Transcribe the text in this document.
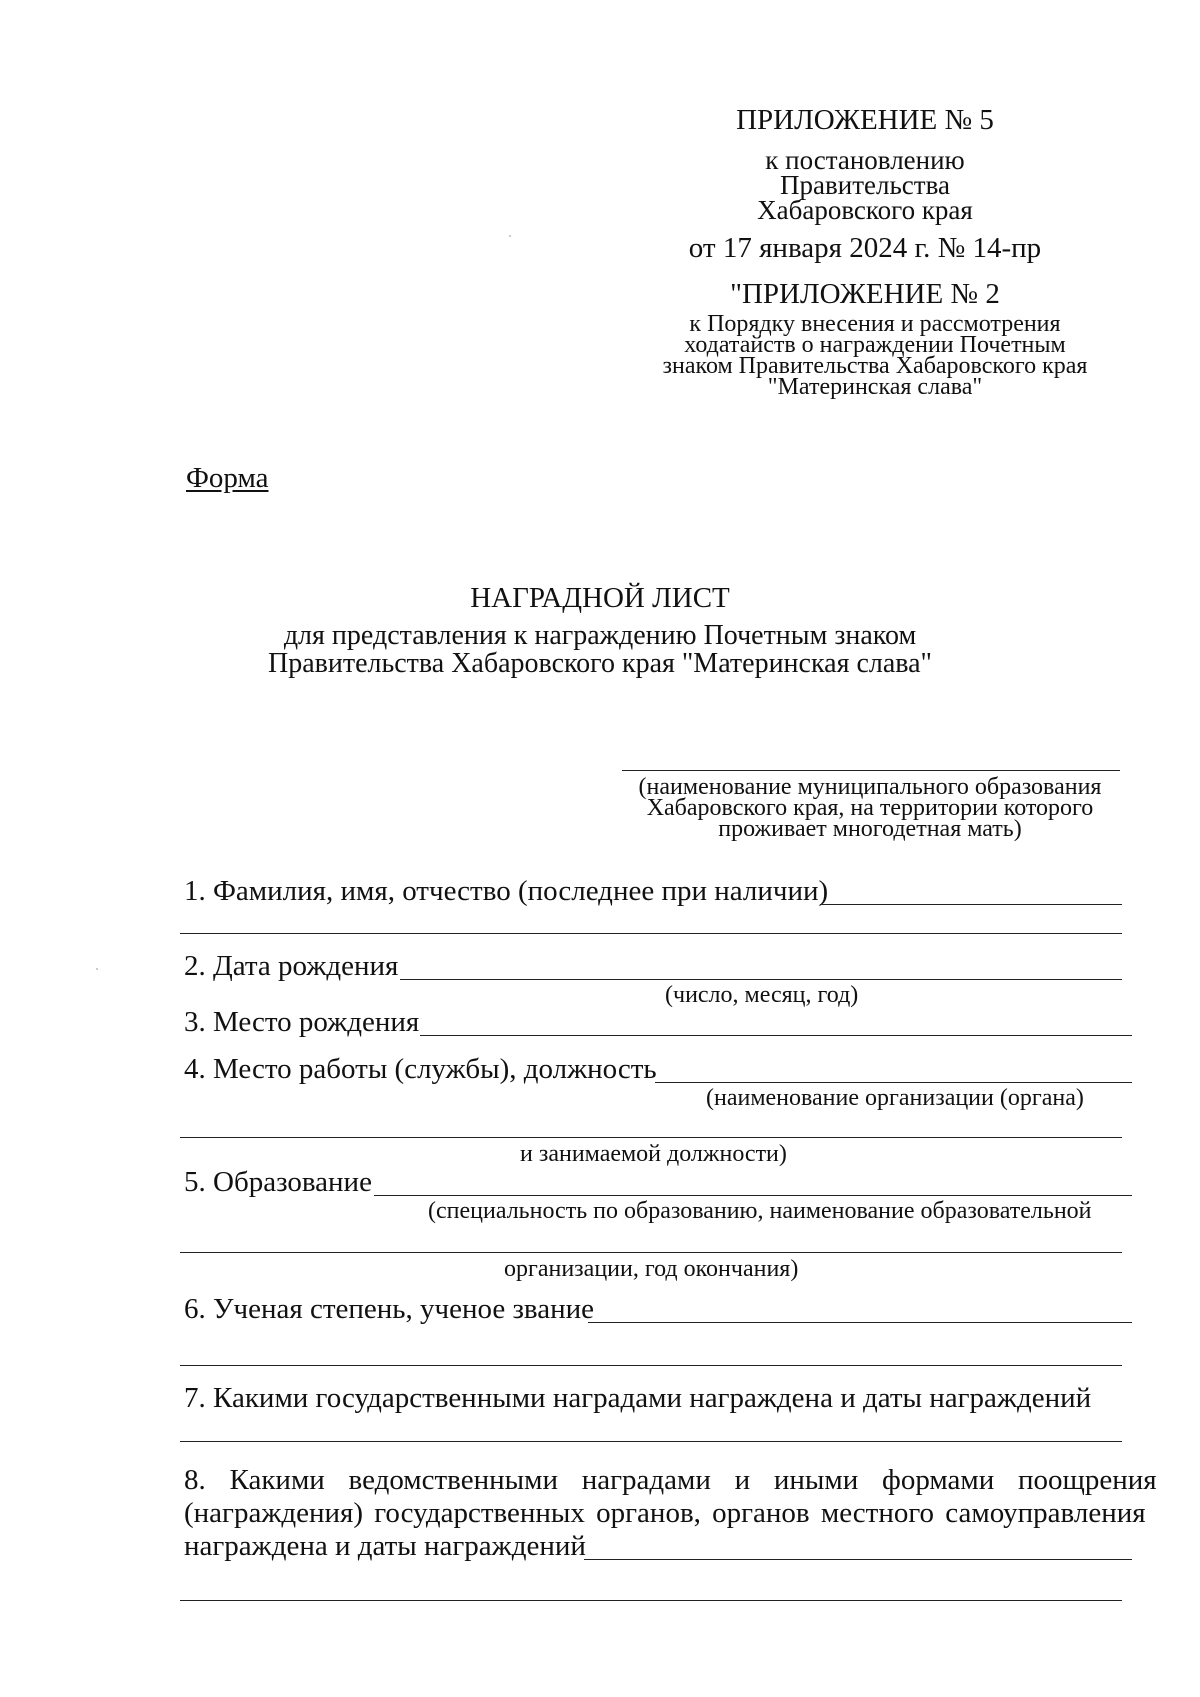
ПРИЛОЖЕНИЕ № 5
к постановлению
Правительства
Хабаровского края
от 17 января 2024 г. № 14-пр
"ПРИЛОЖЕНИЕ № 2
к Порядку внесения и рассмотрения
ходатайств о награждении Почетным
знаком Правительства Хабаровского края
"Материнская слава"
Форма
НАГРАДНОЙ ЛИСТ
для представления к награждению Почетным знаком
Правительства Хабаровского края "Материнская слава"
(наименование муниципального образования
Хабаровского края, на территории которого
проживает многодетная мать)
1. Фамилия, имя, отчество (последнее при наличии)
2. Дата рождения
(число, месяц, год)
3. Место рождения
4. Место работы (службы), должность
(наименование организации (органа)
и занимаемой должности)
5. Образование
(специальность по образованию, наименование образовательной
организации, год окончания)
6. Ученая степень, ученое звание
7. Какими государственными наградами награждена и даты награждений
8. Какими ведомственными наградами и иными формами поощрения
(награждения) государственных органов, органов местного самоуправления
награждена и даты награждений
